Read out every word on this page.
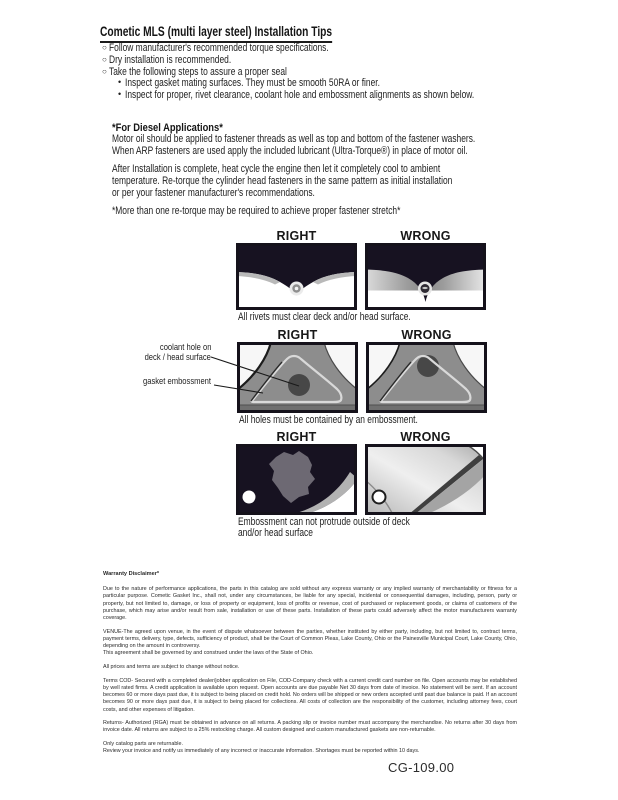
Cometic MLS (multi layer steel) Installation Tips
○ Follow manufacturer's recommended torque specifications.
○ Dry installation is recommended.
○ Take the following steps to assure a proper seal
• Inspect gasket mating surfaces. They must be smooth 50RA or finer.
• Inspect for proper, rivet clearance, coolant hole and embossment alignments as shown below.
*For Diesel Applications*
Motor oil should be applied to fastener threads as well as top and bottom of the fastener washers.
When ARP fasteners are used apply the included lubricant (Ultra-Torque®) in place of motor oil.
After Installation is complete, heat cycle the engine then let it completely cool to ambient
temperature. Re-torque the cylinder head fasteners in the same pattern as initial installation
or per your fastener manufacturer's recommendations.
*More than one re-torque may be required to achieve proper fastener stretch*
RIGHT	WRONG
All rivets must clear deck and/or head surface.
RIGHT	WRONG
All holes must be contained by an embossment.
coolant hole on
deck / head surface
gasket embossment
RIGHT	WRONG
Embossment can not protrude outside of deck
and/or head surface
Warranty Disclaimer*

Due to the nature of performance applications, the parts in this catalog are sold without any express warranty or any implied warranty of merchantability or fitness for a particular purpose. Cometic Gasket Inc., shall not, under any circumstances, be liable for any special, incidental or consequential damages, including, person, party or property, but not limited to, damage, or loss of property or equipment, loss of profits or revenue, cost of purchased or replacement goods, or claims of customers of the purchase, which may arise and/or result from sale, installation or use of these parts. Installation of these parts could adversely affect the motor manufacturers warranty coverage.

VENUE-The agreed upon venue, in the event of dispute whatsoever between the parties, whether instituted by either party, including, but not limited to, contract terms, payment terms, delivery, type, defects, sufficiency of product, shall be the Court of Common Pleas, Lake County, Ohio or the Painesville Municipal Court, Lake County, Ohio, depending on the amount in controversy.
This agreement shall be governed by and construed under the laws of the State of Ohio.

All prices and terms are subject to change without notice.

Terms COD- Secured with a completed dealer/jobber application on File, COD-Company check with a current credit card number on file. Open accounts may be established by well rated firms. A credit application is available upon request. Open accounts are due payable Net 30 days from date of invoice. No statement will be sent. If an account becomes 60 or more days past due, it is subject to being placed on credit hold. No orders will be shipped or new orders accepted until past due balance is paid. If an account becomes 90 or more days past due, it is subject to being placed for collections. All costs of collection are the responsibility of the customer, including attorney fees, court costs, and other expenses of litigation.

Returns- Authorized (RGA) must be obtained in advance on all returns. A packing slip or invoice number must accompany the merchandise. No returns after 30 days from invoice date. All returns are subject to a 25% restocking charge. All custom designed and custom manufactured gaskets are non-returnable.

Only catalog parts are returnable.
Review your invoice and notify us immediately of any incorrect or inaccurate information. Shortages must be reported within 10 days.
CG-109.00
